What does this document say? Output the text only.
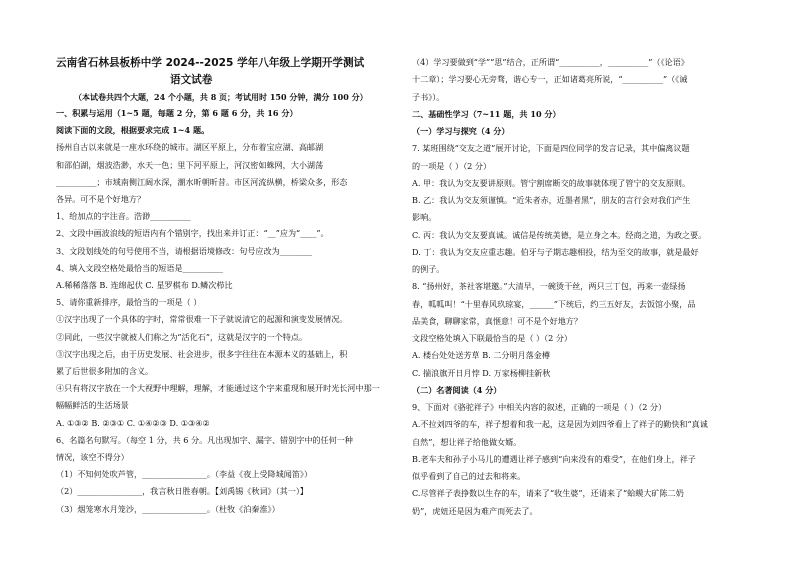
云南省石林县板桥中学 2024--2025 学年八年级上学期开学测试
语文试卷
（本试卷共四个大题，24 个小题，共 8 页；考试用时 150 分钟，满分 100 分）
一、积累与运用（1~5 题，每题 2 分，第 6 题 6 分，共 16 分）
阅读下面的文段，根据要求完成 1~4 题。
扬州自古以来就是一座水环绕的城市。湖区平原上，分布着宝应湖、高邮湖
和邵伯湖，烟波浩渺，水天一色；里下河平原上，河汉密如蛛网，大小湖荡
__________；市域南侧江阔水深，潮水昕朝昕昔。市区河流纵横，桥梁众多，形态
各异。可不是个好地方？
1、给加点的字注音。浩渺__________
2、文段中画波浪线的短语内有个错别字，找出来并订正：“__”应为“____”。
3、文段划线处的句号使用不当，请根据语境修改：句号应改为________
4、填入文段空格处最恰当的短语是__________
A.稀稀落落 B. 连绵起伏 C. 星罗棋布 D.鳞次栉比
5、请你重新排序，最恰当的一项是（ ）
①汉字出现了一个具体的字时，常常很难一下子就说清它的起源和演变发展情况。
②同此，一些汉字就被人们称之为“活化石”，这就是汉字的一个特点。
③汉字出现之后，由于历史发展、社会进步，很多字往往在本源本义的基础上，积
累了后世很多附加的含义。
④只有将汉字放在一个大视野中理解，理解，才能通过这个字来重现和展开时光长河中那一
幅幅鲜活的生活场景
A. ①③② B. ②③① C. ①④②③ D. ①③④②
6、名篇名句默写。（每空 1 分，共 6 分。凡出现加字、漏字、错别字中的任何一种
情况，该空不得分）
（1）不知何处吹芦管，________________。（李益《夜上受降城闻笛》）
（2）________________，我言秋日胜春朝。【刘禹锡《秋词》（其一）】
（3）烟笼寒水月笼沙，________________。（杜牧《泊秦淮》）
（4）学习要做到“学”“思”结合，正所谓“__________，__________”（《论语》
十二章）；学习要心无旁骛，谐心专一，正如诸葛亮所说，“__________”（《诫
子书》）。
二、基础性学习（7~11 题，共 10 分）
（一）学习与探究（4 分）
7. 某班围绕“交友之道”展开讨论，下面是四位同学的发言记录，其中偏离议题
的一项是（ ）（2 分）
A. 甲：我认为交友要讲原则。管宁割席断交的故事就体现了管宁的交友原则。
B. 乙：我认为交友须谨慎。“近朱者赤，近墨者黑”，朋友的言行会对我们产生
影响。
C. 丙：我认为交友要真诚。诚信是传统美德，是立身之本。经商之道，为政之要。
D. 丁：我认为交友应重志趣。伯牙与子期志趣相投，结为至交的故事，就是最好
的例子。
8. “扬州好，茶社客堪邀。”大清早，一碗烫干丝，两只三丁包，再来一壶绿扬
春，呱呱叫！“十里春风玖琼宴，______”下统后，约三五好友，去饭馆小聚，品
品美食，聊聊家常，真惬意！可不是个好地方？
文段空格处填入下联最恰当的是（ ）（2 分）
A. 楼台处处送芳草 B. 二分明月落金樽
C. 揣浪旗开日月悖 D. 万家杨柳挂新秋
（二）名著阅读（4 分）
9、下面对《骆驼祥子》中相关内容的叙述，正确的一项是（ ）（2 分）
A.不拉刘四爷的车，祥子想着和我一起，这是因为刘四爷看上了祥子的勤快和“真诚
自然”，想让祥子给他做女婿。
B.老车夫和孙子小马儿的遭遇让祥子感到“向来没有的难受”，在他们身上，祥子
似乎看到了自己的过去和将来。
C.尽管祥子表挣数以生存的车，请来了“收生婆”，还请来了“蛤蟆大矿陈二奶
奶”，虎妞还是因为难产而死去了。
